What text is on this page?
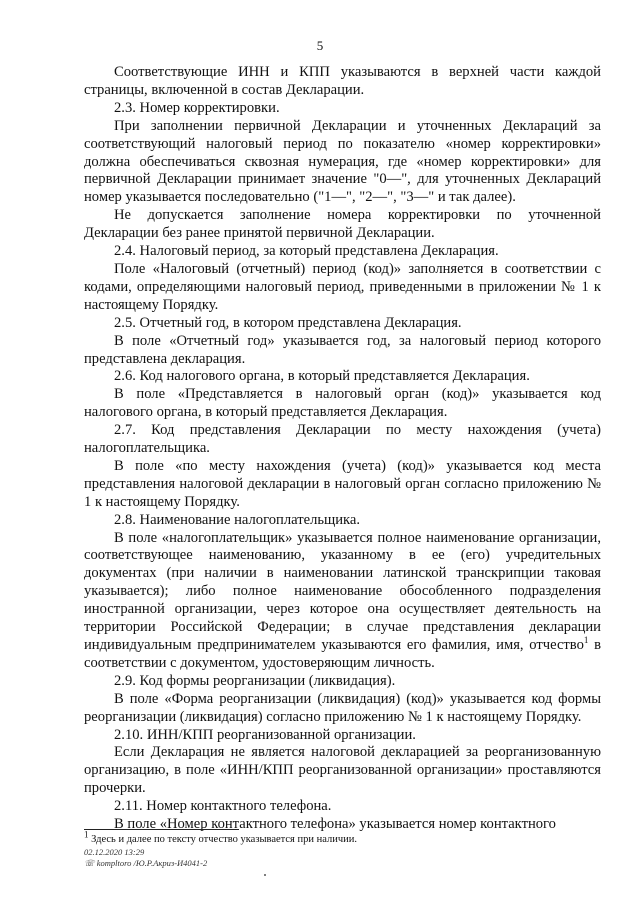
5

Соответствующие ИНН и КПП указываются в верхней части каждой страницы, включенной в состав Декларации.

2.3. Номер корректировки.

При заполнении первичной Декларации и уточненных Деклараций за соответствующий налоговый период по показателю «номер корректировки» должна обеспечиваться сквозная нумерация, где «номер корректировки» для первичной Декларации принимает значение "0—", для уточненных Деклараций номер указывается последовательно ("1—", "2—", "3—" и так далее).

Не допускается заполнение номера корректировки по уточненной Декларации без ранее принятой первичной Декларации.

2.4. Налоговый период, за который представлена Декларация.

Поле «Налоговый (отчетный) период (код)» заполняется в соответствии с кодами, определяющими налоговый период, приведенными в приложении № 1 к настоящему Порядку.

2.5. Отчетный год, в котором представлена Декларация.

В поле «Отчетный год» указывается год, за налоговый период которого представлена декларация.

2.6. Код налогового органа, в который представляется Декларация.

В поле «Представляется в налоговый орган (код)» указывается код налогового органа, в который представляется Декларация.

2.7. Код представления Декларации по месту нахождения (учета) налогоплательщика.

В поле «по месту нахождения (учета) (код)» указывается код места представления налоговой декларации в налоговый орган согласно приложению № 1 к настоящему Порядку.

2.8. Наименование налогоплательщика.

В поле «налогоплательщик» указывается полное наименование организации, соответствующее наименованию, указанному в ее (его) учредительных документах (при наличии в наименовании латинской транскрипции таковая указывается); либо полное наименование обособленного подразделения иностранной организации, через которое она осуществляет деятельность на территории Российской Федерации; в случае представления декларации индивидуальным предпринимателем указываются его фамилия, имя, отчество$^1$ в соответствии с документом, удостоверяющим личность.

2.9. Код формы реорганизации (ликвидация).

В поле «Форма реорганизации (ликвидация) (код)» указывается код формы реорганизации (ликвидация) согласно приложению № 1 к настоящему Порядку.

2.10. ИНН/КПП реорганизованной организации.

Если Декларация не является налоговой декларацией за реорганизованную организацию, в поле «ИНН/КПП реорганизованной организации» проставляются прочерки.

2.11. Номер контактного телефона.

В поле «Номер контактного телефона» указывается номер контактного

$^1$ Здесь и далее по тексту отчество указывается при наличии.
02.12.2020 13:29
☏ kompltoro /Ю.Р.Акриз-И4041-2
